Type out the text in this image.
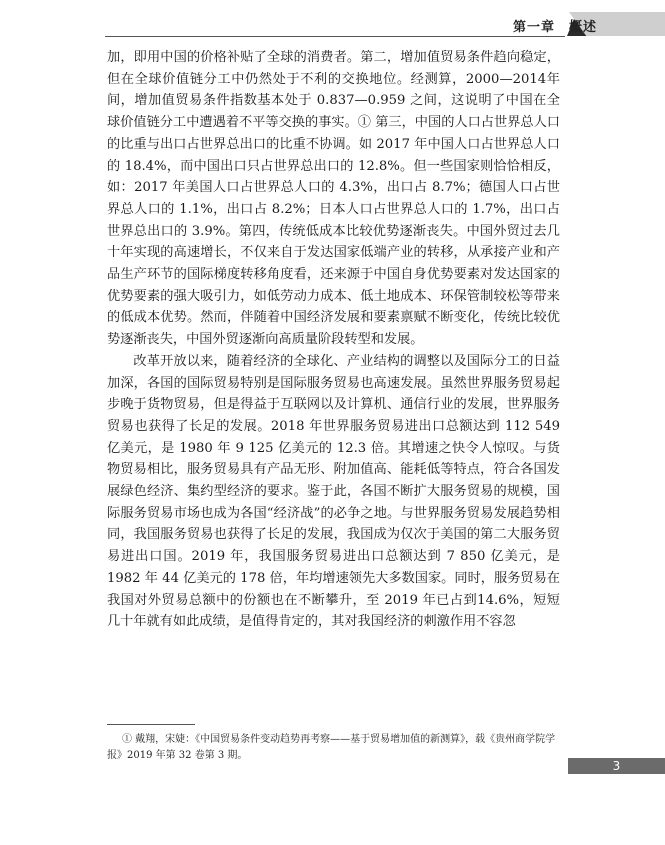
第一章　概述

加，即用中国的价格补贴了全球的消费者。第二，增加值贸易条件趋向稳定，但在全球价值链分工中仍然处于不利的交换地位。经测算，2000—2014年间，增加值贸易条件指数基本处于 0.837—0.959 之间，这说明了中国在全球价值链分工中遭遇着不平等交换的事实。① 第三，中国的人口占世界总人口的比重与出口占世界总出口的比重不协调。如 2017 年中国人口占世界总人口的 18.4%，而中国出口只占世界总出口的 12.8%。但一些国家则恰恰相反，如：2017 年美国人口占世界总人口的 4.3%，出口占 8.7%；德国人口占世界总人口的 1.1%，出口占 8.2%；日本人口占世界总人口的 1.7%，出口占世界总出口的 3.9%。第四，传统低成本比较优势逐渐丧失。中国外贸过去几十年实现的高速增长，不仅来自于发达国家低端产业的转移，从承接产业和产品生产环节的国际梯度转移角度看，还来源于中国自身优势要素对发达国家的优势要素的强大吸引力，如低劳动力成本、低土地成本、环保管制较松等带来的低成本优势。然而，伴随着中国经济发展和要素禀赋不断变化，传统比较优势逐渐丧失，中国外贸逐渐向高质量阶段转型和发展。

改革开放以来，随着经济的全球化、产业结构的调整以及国际分工的日益加深，各国的国际贸易特别是国际服务贸易也高速发展。虽然世界服务贸易起步晚于货物贸易，但是得益于互联网以及计算机、通信行业的发展，世界服务贸易也获得了长足的发展。2018 年世界服务贸易进出口总额达到 112 549 亿美元，是 1980 年 9 125 亿美元的 12.3 倍。其增速之快令人惊叹。与货物贸易相比，服务贸易具有产品无形、附加值高、能耗低等特点，符合各国发展绿色经济、集约型经济的要求。鉴于此，各国不断扩大服务贸易的规模，国际服务贸易市场也成为各国“经济战”的必争之地。与世界服务贸易发展趋势相同，我国服务贸易也获得了长足的发展，我国成为仅次于美国的第二大服务贸易进出口国。2019 年，我国服务贸易进出口总额达到 7 850 亿美元，是 1982 年 44 亿美元的 178 倍，年均增速领先大多数国家。同时，服务贸易在我国对外贸易总额中的份额也在不断攀升，至 2019 年已占到14.6%，短短几十年就有如此成绩，是值得肯定的，其对我国经济的刺激作用不容忽

① 戴翔，宋婕：《中国贸易条件变动趋势再考察——基于贸易增加值的新测算》，载《贵州商学院学报》2019 年第 32 卷第 3 期。
3
